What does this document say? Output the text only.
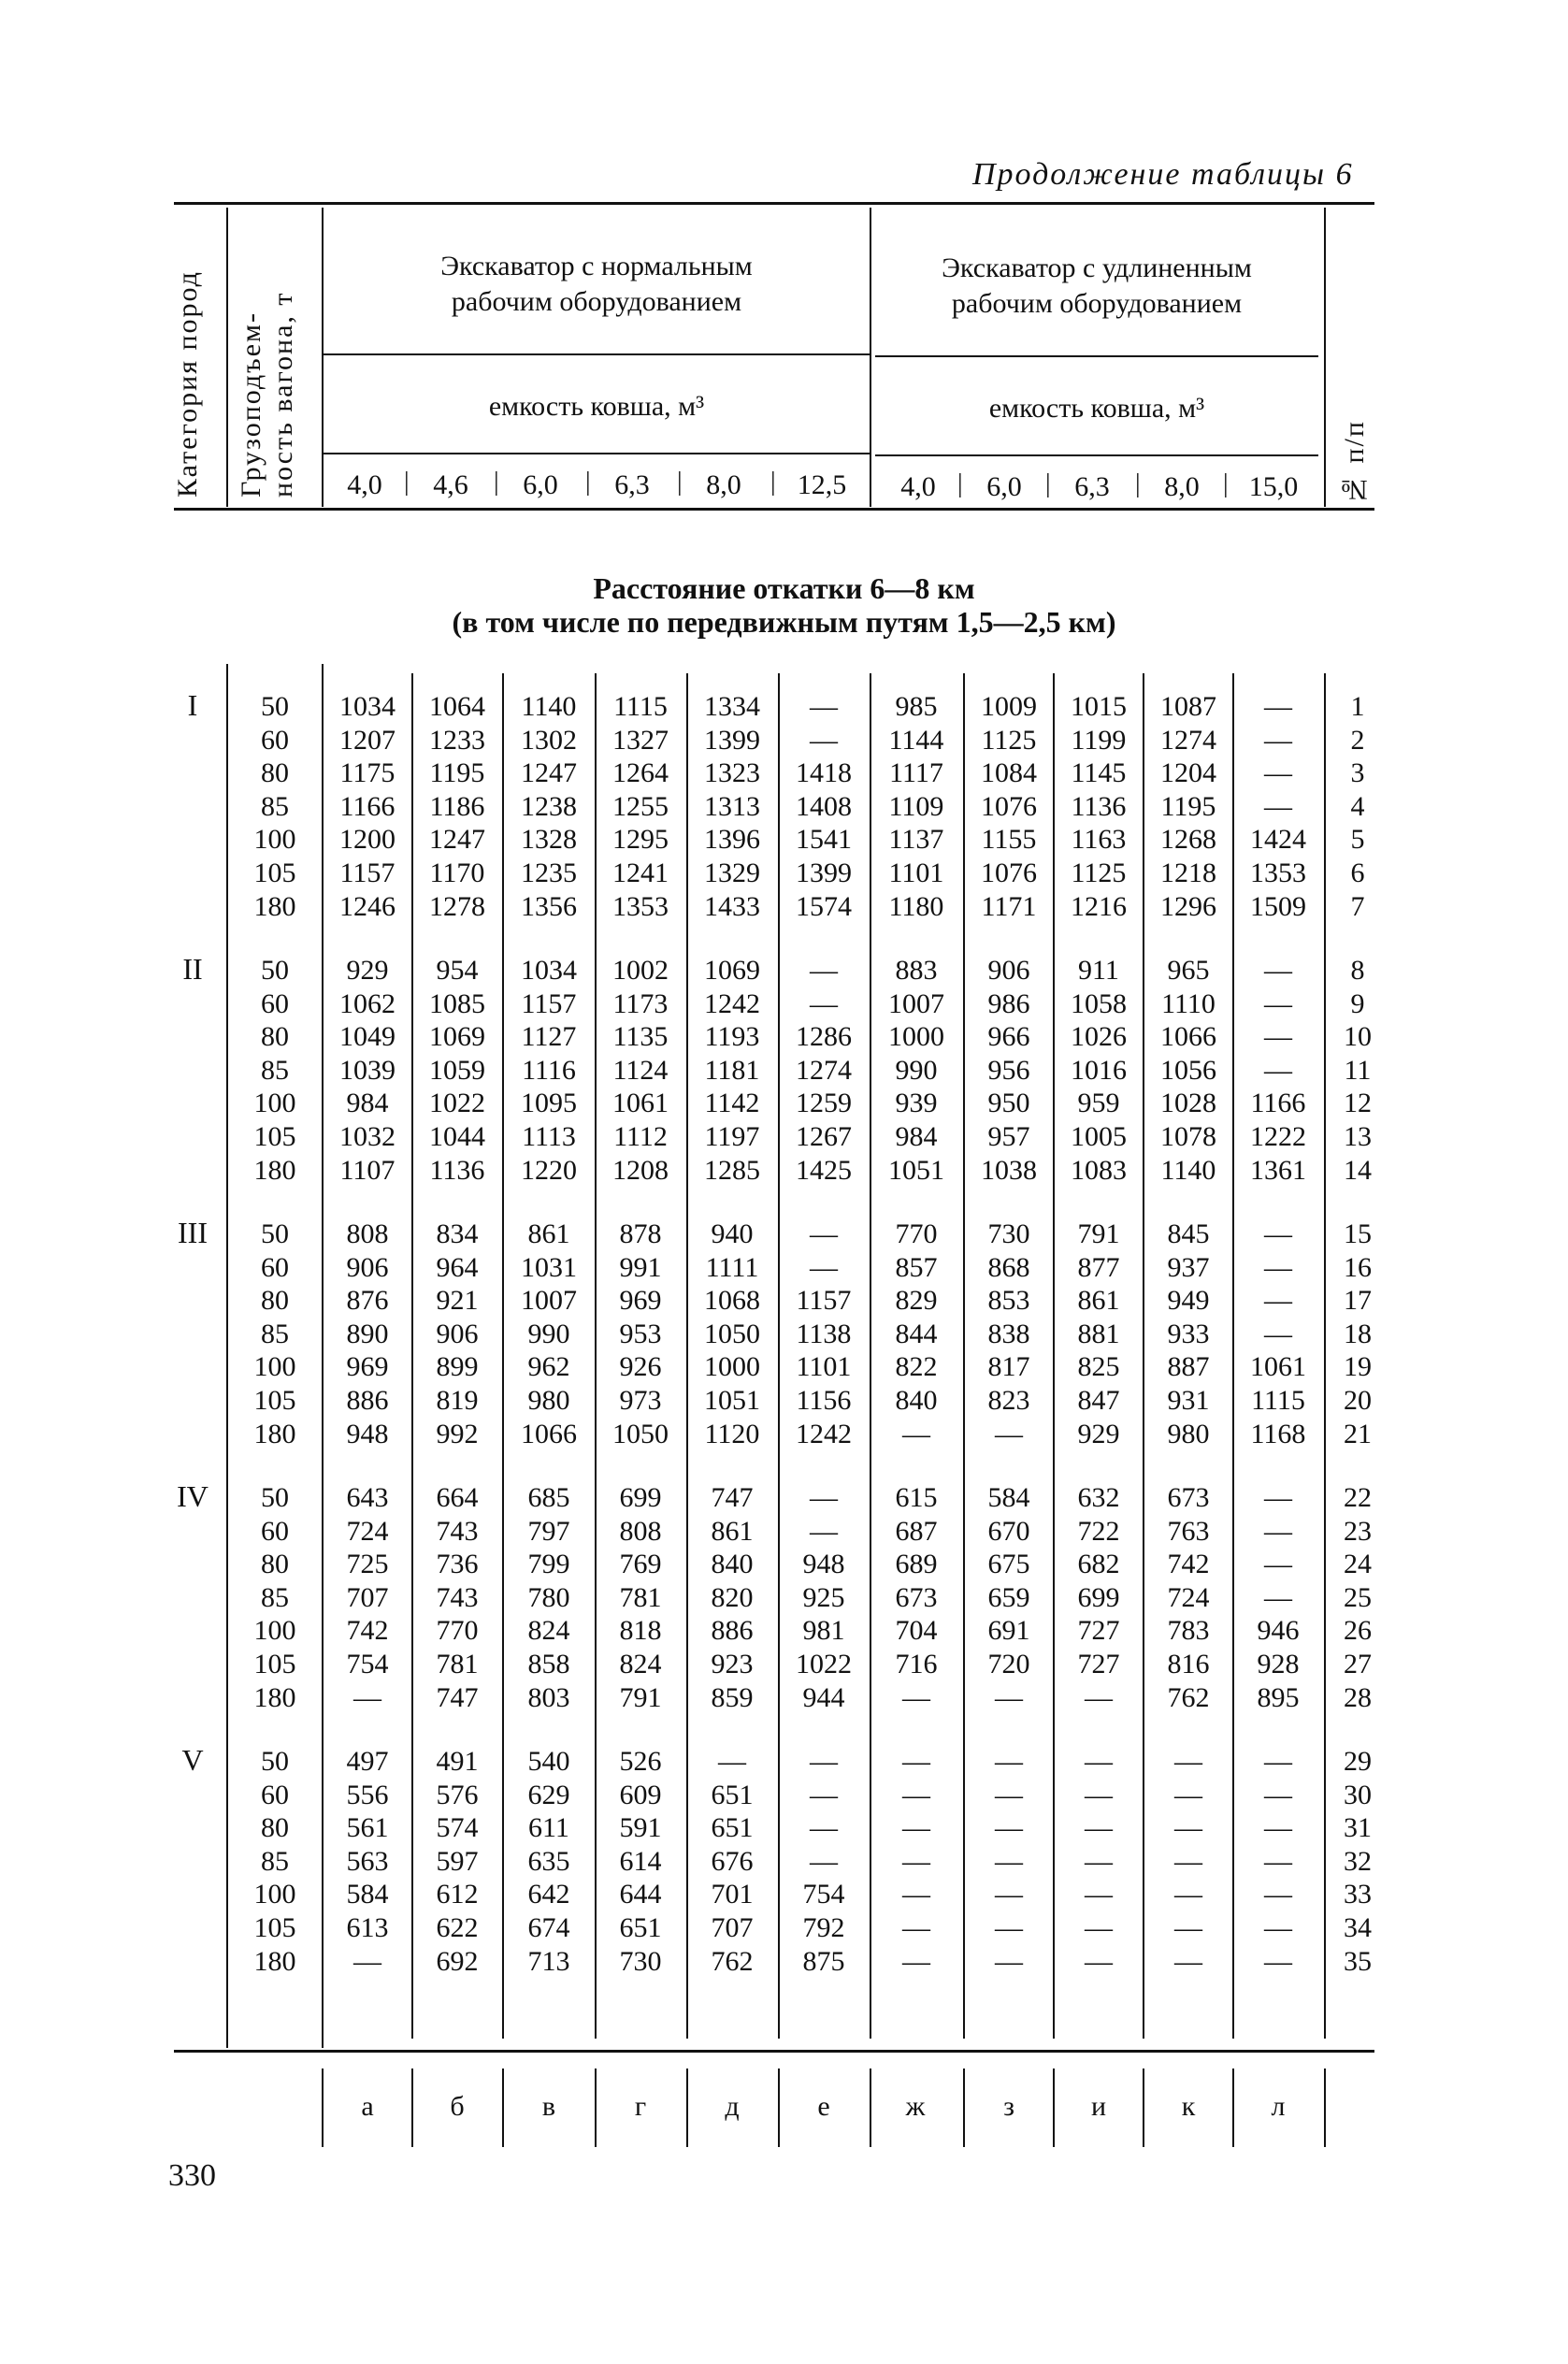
Продолжение таблицы 6
Категория пород Грузоподъем-
ность вагона, т
№ п/п
Экскаватор с нормальным
рабочим оборудованием
Экскаватор с удлиненным
рабочим оборудованием
емкость ковша, м³	емкость ковша, м³
4,0	4,6	6,0	6,3	8,0	12,5	4,0	6,0	6,3	8,0	15,0
|	|	|	|	|	|	|	|	|
Расстояние откатки 6—8 км
(в том числе по передвижным путям 1,5—2,5 км)
I	50	1034	1064	1140	1115	1334	—	985	1009	1015	1087	—	1
60	1207	1233	1302	1327	1399	—	1144	1125	1199	1274	—	2
80	1175	1195	1247	1264	1323	1418	1117	1084	1145	1204	—	3
85	1166	1186	1238	1255	1313	1408	1109	1076	1136	1195	—	4
100	1200	1247	1328	1295	1396	1541	1137	1155	1163	1268	1424	5
105	1157	1170	1235	1241	1329	1399	1101	1076	1125	1218	1353	6
180	1246	1278	1356	1353	1433	1574	1180	1171	1216	1296	1509	7
II	50	929	954	1034	1002	1069	—	883	906	911	965	—	8
60	1062	1085	1157	1173	1242	—	1007	986	1058	1110	—	9
80	1049	1069	1127	1135	1193	1286	1000	966	1026	1066	—	10
85	1039	1059	1116	1124	1181	1274	990	956	1016	1056	—	11
100	984	1022	1095	1061	1142	1259	939	950	959	1028	1166	12
105	1032	1044	1113	1112	1197	1267	984	957	1005	1078	1222	13
180	1107	1136	1220	1208	1285	1425	1051	1038	1083	1140	1361	14
III	50	808	834	861	878	940	—	770	730	791	845	—	15
60	906	964	1031	991	1111	—	857	868	877	937	—	16
80	876	921	1007	969	1068	1157	829	853	861	949	—	17
85	890	906	990	953	1050	1138	844	838	881	933	—	18
100	969	899	962	926	1000	1101	822	817	825	887	1061	19
105	886	819	980	973	1051	1156	840	823	847	931	1115	20
180	948	992	1066	1050	1120	1242	—	—	929	980	1168	21
IV	50	643	664	685	699	747	—	615	584	632	673	—	22
60	724	743	797	808	861	—	687	670	722	763	—	23
80	725	736	799	769	840	948	689	675	682	742	—	24
85	707	743	780	781	820	925	673	659	699	724	—	25
100	742	770	824	818	886	981	704	691	727	783	946	26
105	754	781	858	824	923	1022	716	720	727	816	928	27
180	—	747	803	791	859	944	—	—	—	762	895	28
V	50	497	491	540	526	—	—	—	—	—	—	—	29
60	556	576	629	609	651	—	—	—	—	—	—	30
80	561	574	611	591	651	—	—	—	—	—	—	31
85	563	597	635	614	676	—	—	—	—	—	—	32
100	584	612	642	644	701	754	—	—	—	—	—	33
105	613	622	674	651	707	792	—	—	—	—	—	34
180	—	692	713	730	762	875	—	—	—	—	—	35
а	б	в	г	д	е	ж	з	и	к	л
330
